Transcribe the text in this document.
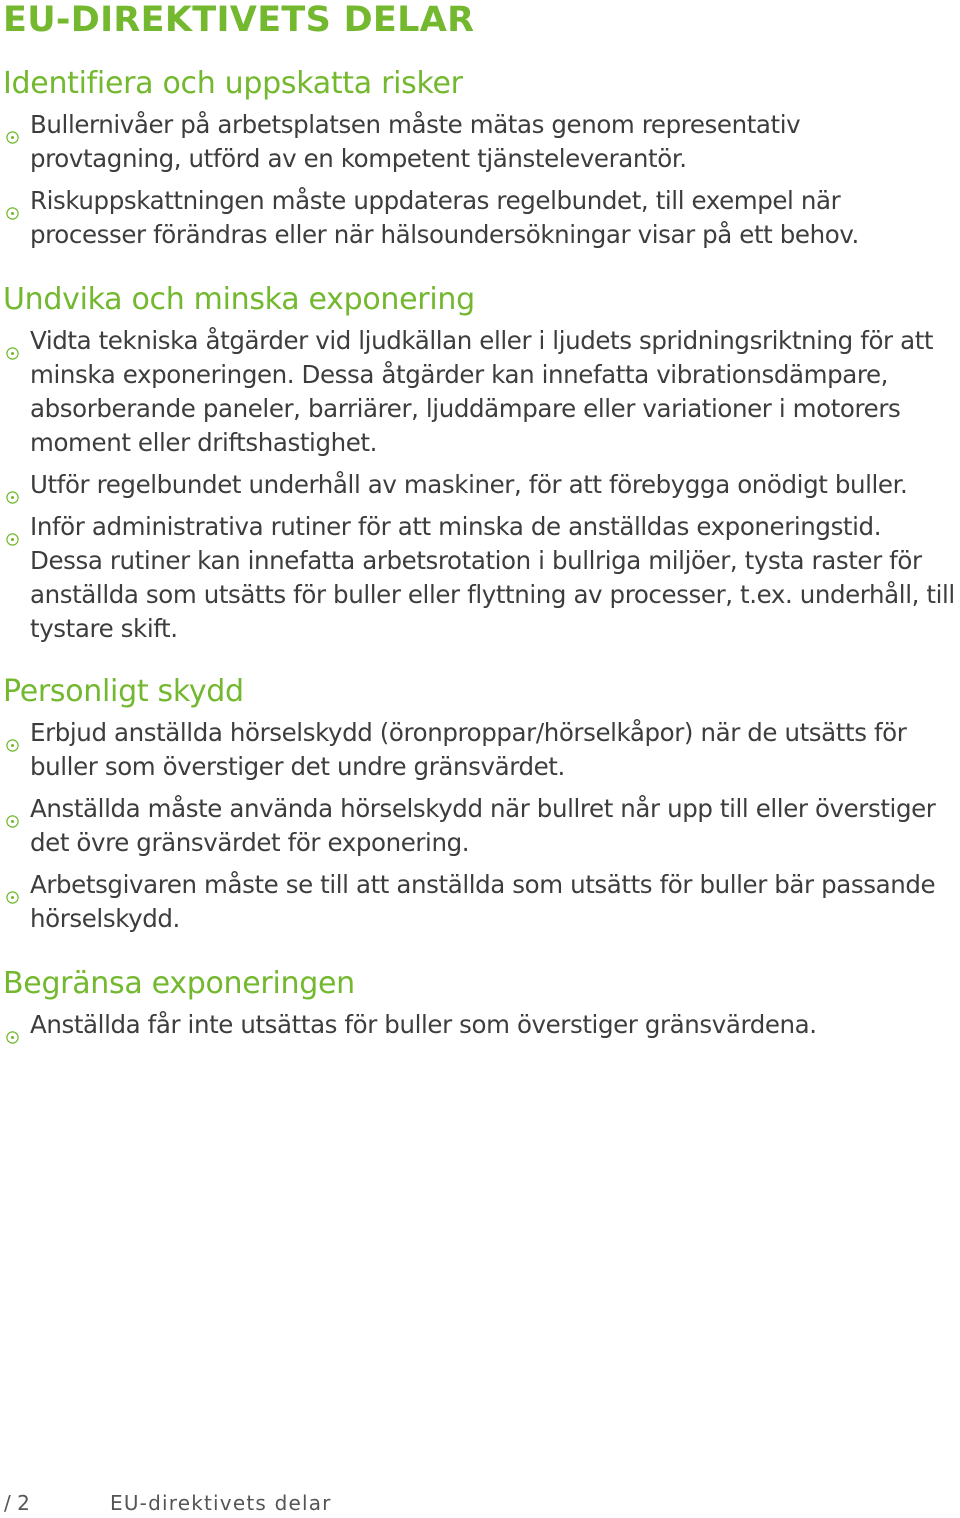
EU-DIREKTIVETS DELAR
Identifiera och uppskatta risker
Bullernivåer på arbetsplatsen måste mätas genom representativ provtagning, utförd av en kompetent tjänsteleverantör.
Riskuppskattningen måste uppdateras regelbundet, till exempel när processer förändras eller när hälsoundersökningar visar på ett behov.
Undvika och minska exponering
Vidta tekniska åtgärder vid ljudkällan eller i ljudets spridningsriktning för att minska exponeringen. Dessa åtgärder kan innefatta vibrationsdämpare, absorberande paneler, barriärer, ljuddämpare eller variationer i motorers moment eller driftshastighet.
Utför regelbundet underhåll av maskiner, för att förebygga onödigt buller.
Inför administrativa rutiner för att minska de anställdas exponeringstid. Dessa rutiner kan innefatta arbetsrotation i bullriga miljöer, tysta raster för anställda som utsätts för buller eller flyttning av processer, t.ex. underhåll, till tystare skift.
Personligt skydd
Erbjud anställda hörselskydd (öronproppar/hörselkåpor) när de utsätts för buller som överstiger det undre gränsvärdet.
Anställda måste använda hörselskydd när bullret når upp till eller överstiger det övre gränsvärdet för exponering.
Arbetsgivaren måste se till att anställda som utsätts för buller bär passande hörselskydd.
Begränsa exponeringen
Anställda får inte utsättas för buller som överstiger gränsvärdena.
/ 2	EU-direktivets delar
